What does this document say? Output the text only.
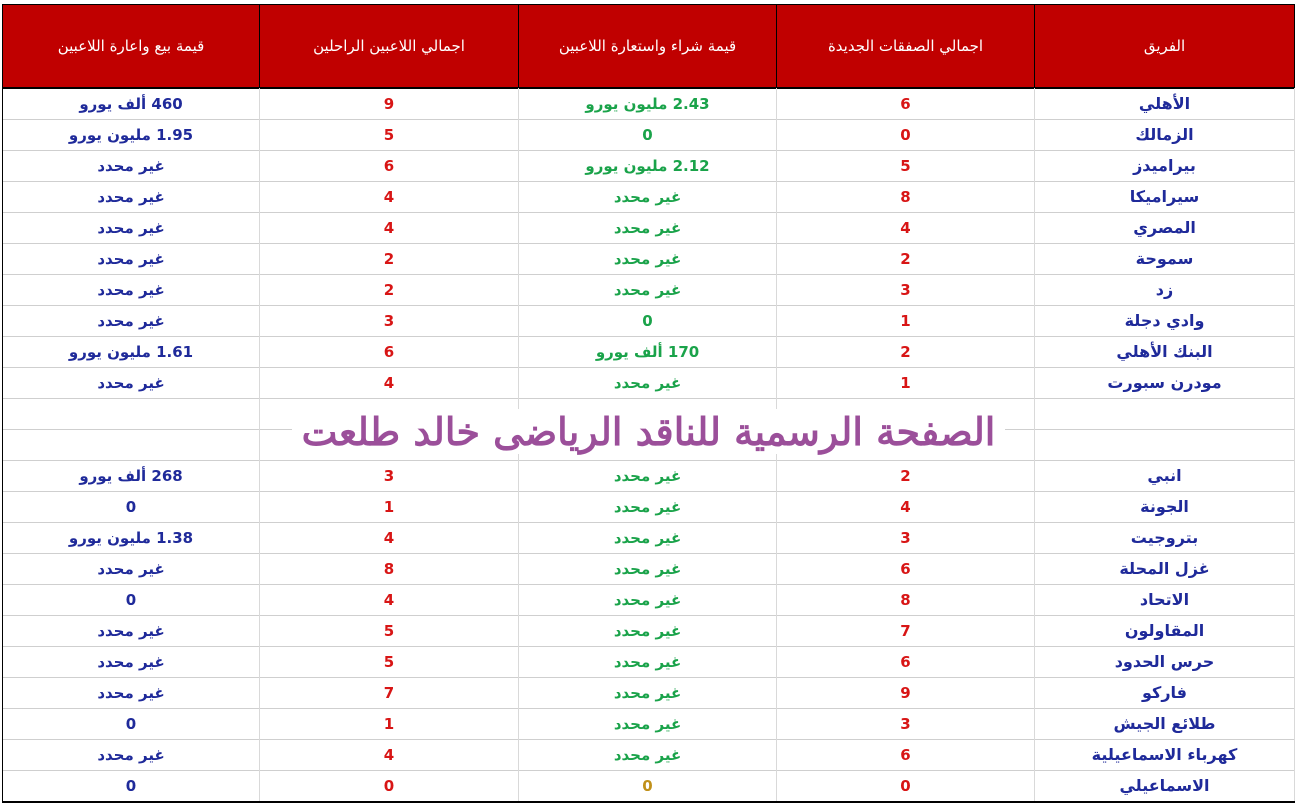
الفريق
اجمالي الصفقات الجديدة
قيمة شراء واستعارة اللاعبين
اجمالي اللاعبين الراحلين
قيمة بيع واعارة اللاعبين
الأهلي
6
2.43 مليون يورو
9
460 ألف يورو
الزمالك
0
0
5
1.95 مليون يورو
بيراميدز
5
2.12 مليون يورو
6
غير محدد
سيراميكا
8
غير محدد
4
غير محدد
المصري
4
غير محدد
4
غير محدد
سموحة
2
غير محدد
2
غير محدد
زد
3
غير محدد
2
غير محدد
وادي دجلة
1
0
3
غير محدد
البنك الأهلي
2
170 ألف يورو
6
1.61 مليون يورو
مودرن سبورت
1
غير محدد
4
غير محدد
انبي
2
غير محدد
3
268 ألف يورو
الجونة
4
غير محدد
1
0
بتروجيت
3
غير محدد
4
1.38 مليون يورو
غزل المحلة
6
غير محدد
8
غير محدد
الاتحاد
8
غير محدد
4
0
المقاولون
7
غير محدد
5
غير محدد
حرس الحدود
6
غير محدد
5
غير محدد
فاركو
9
غير محدد
7
غير محدد
طلائع الجيش
3
غير محدد
1
0
كهرباء الاسماعيلية
6
غير محدد
4
غير محدد
الاسماعيلي
0
0
0
0
الصفحة الرسمية للناقد الرياضى خالد طلعت
